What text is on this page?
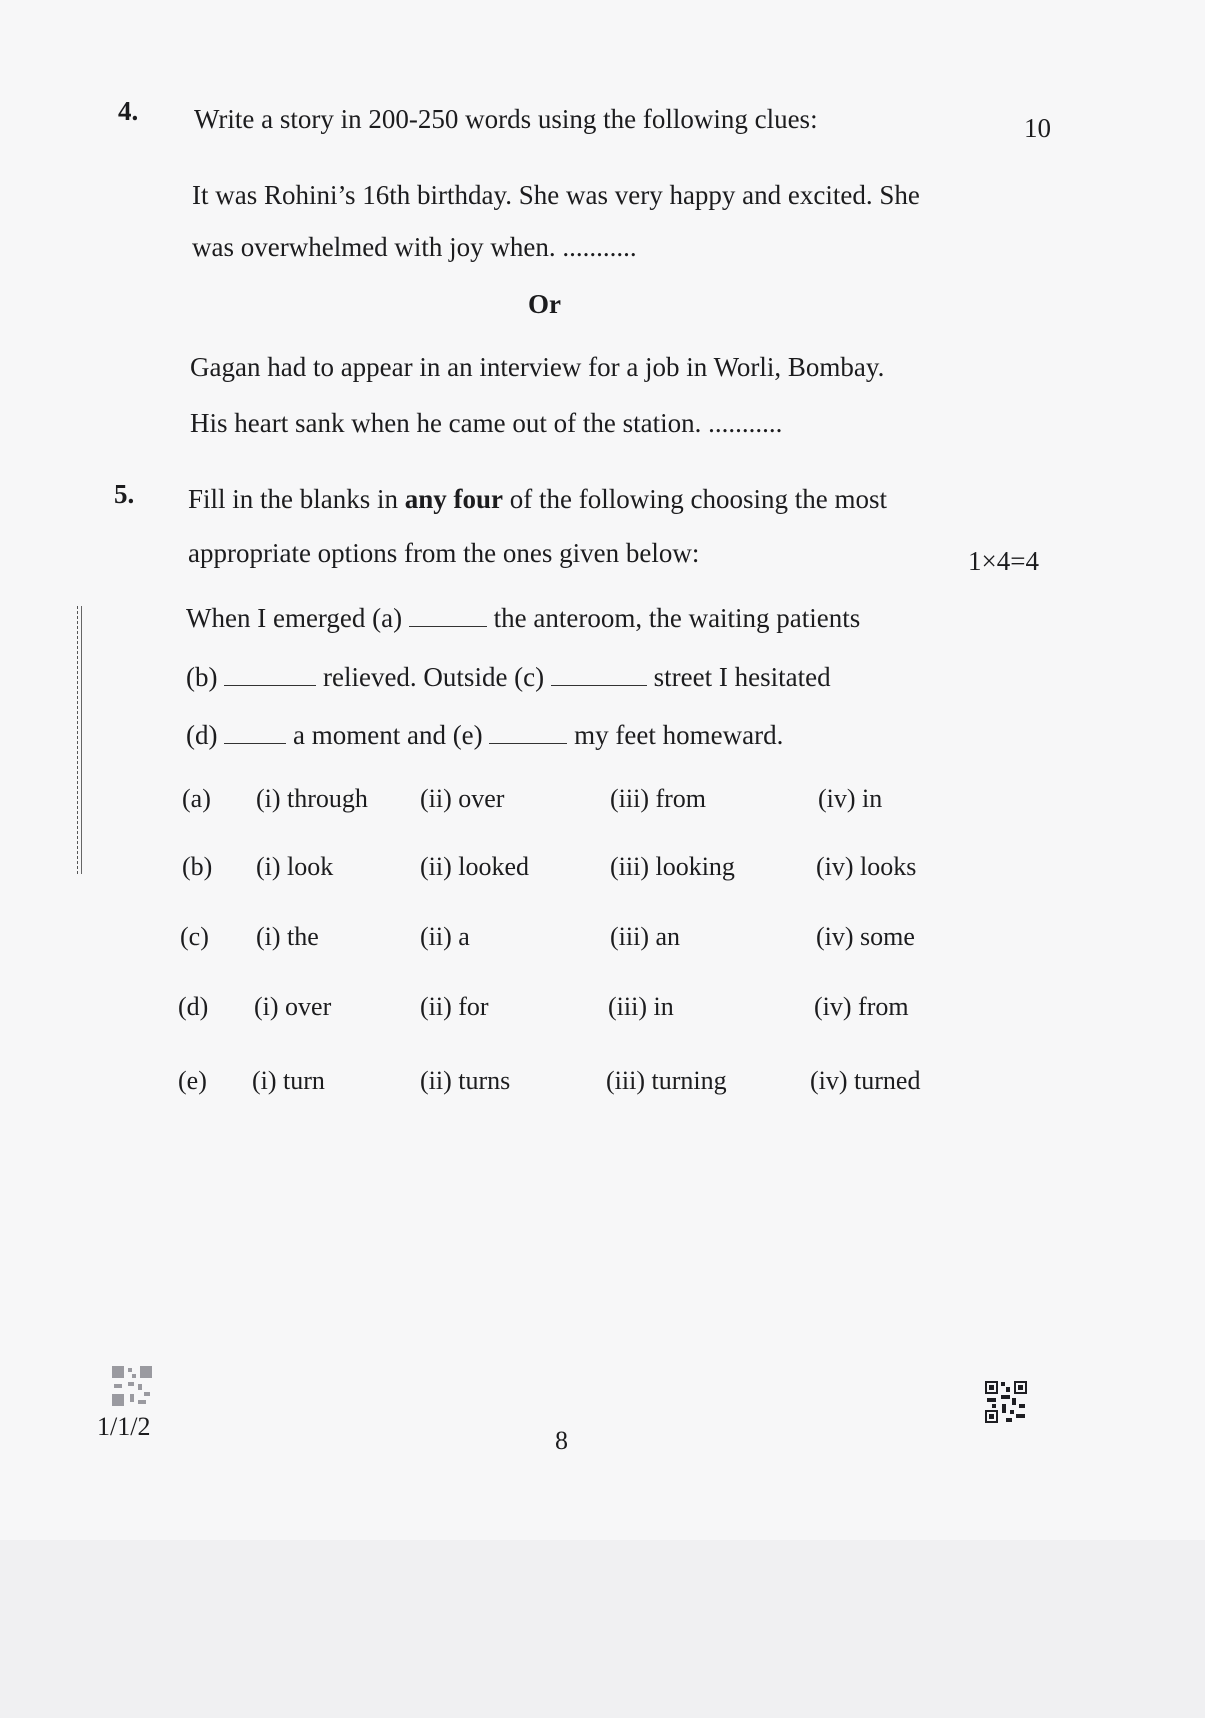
4. Write a story in 200-250 words using the following clues:	10
It was Rohini’s 16th birthday. She was very happy and excited. She
was overwhelmed with joy when. ...........
Or
Gagan had to appear in an interview for a job in Worli, Bombay.
His heart sank when he came out of the station. ...........
5. Fill in the blanks in any four of the following choosing the most
appropriate options from the ones given below:	1×4=4
When I emerged (a)	the anteroom, the waiting patients
(b)	relieved. Outside (c)	street I hesitated
(d)	a moment and (e)	my feet homeward.
(a) (i) through (ii) over	(iii) from	(iv) in
(b) (i) look	(ii) looked	(iii) looking	(iv) looks
(c) (i) the	(ii) a	(iii) an	(iv) some
(d) (i) over	(ii) for	(iii) in	(iv) from
(e) (i) turn	(ii) turns	(iii) turning	(iv) turned
1/1/2	8
